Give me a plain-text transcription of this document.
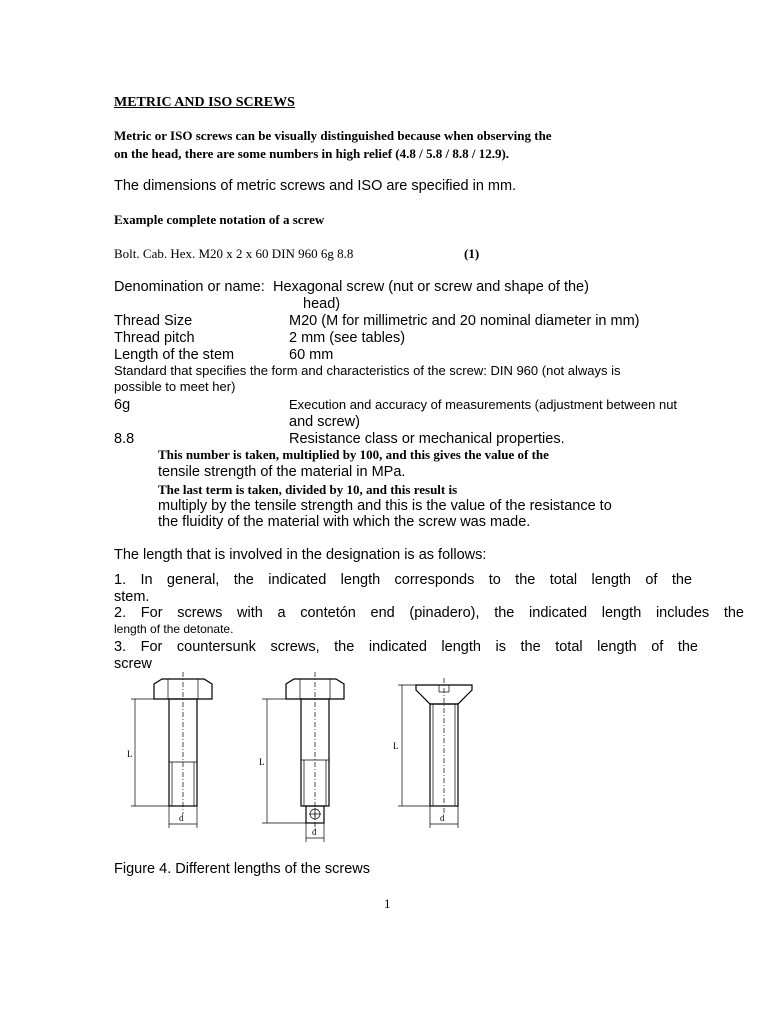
METRIC AND ISO SCREWS
Metric or ISO screws can be visually distinguished because when observing the
on the head, there are some numbers in high relief (4.8 / 5.8 / 8.8 / 12.9).
The dimensions of metric screws and ISO are specified in mm.
Example complete notation of a screw
Bolt. Cab. Hex. M20 x 2 x 60 DIN 960 6g 8.8	(1)
Denomination or name: Hexagonal screw (nut or screw and shape of the)
head)
Thread Size	M20 (M for millimetric and 20 nominal diameter in mm)
Thread pitch	2 mm (see tables)
Length of the stem	60 mm
Standard that specifies the form and characteristics of the screw: DIN 960 (not always is
possible to meet her)
6g	Execution and accuracy of measurements (adjustment between nut
and screw)
8.8	Resistance class or mechanical properties.
This number is taken, multiplied by 100, and this gives the value of the
tensile strength of the material in MPa.
The last term is taken, divided by 10, and this result is
multiply by the tensile strength and this is the value of the resistance to
the fluidity of the material with which the screw was made.
The length that is involved in the designation is as follows:
1. In general, the indicated length corresponds to the total length of the
stem.
2. For screws with a contetón end (pinadero), the indicated length includes the
length of the detonate.
3. For countersunk screws, the indicated length is the total length of the
screw
L
d
L
d
L
d
Figure 4. Different lengths of the screws
1
